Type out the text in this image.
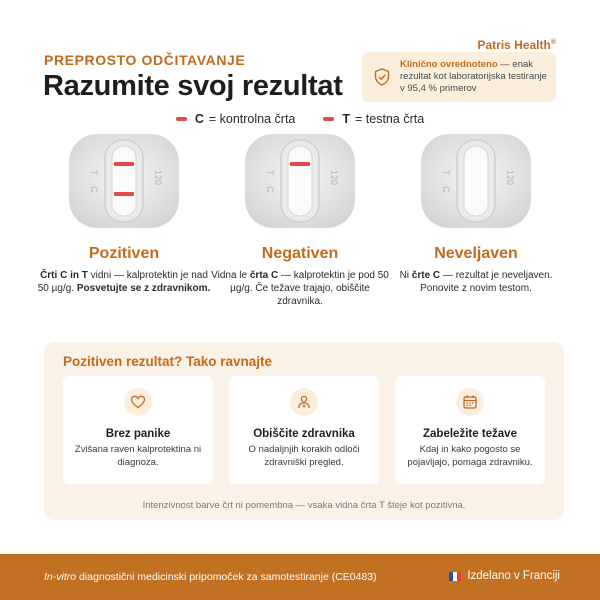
Patris Health®
PREPROSTO ODČITAVANJE
Razumite svoj rezultat
Klinično ovrednoteno — enak rezultat kot laboratorijska testiranje v 95,4 % primerov
C = kontrolna črta	T = testna črta
T
C
120
Pozitiven
Črti C in T vidni — kalprotektin je nad 50 µg/g. Posvetujte se z zdravnikom.
T
C
120
Negativen
Vidna le črta C — kalprotektin je pod 50 µg/g. Če težave trajajo, obiščite zdravnika.
T
C
120
Neveljaven
Ni črte C — rezultat je neveljaven. Ponovite z novim testom.
Pozitiven rezultat? Tako ravnajte
Brez panike
Zvišana raven kalprotektina ni diagnoza.
Obiščite zdravnika
O nadaljnjih korakih odloči zdravniški pregled.
Zabeležite težave
Kdaj in kako pogosto se pojavljajo, pomaga zdravniku.
Intenzivnost barve črt ni pomembna — vsaka vidna črta T šteje kot pozitivna.
In-vitro diagnostični medicinski pripomoček za samotestiranje (CE0483)	Izdelano v Franciji
